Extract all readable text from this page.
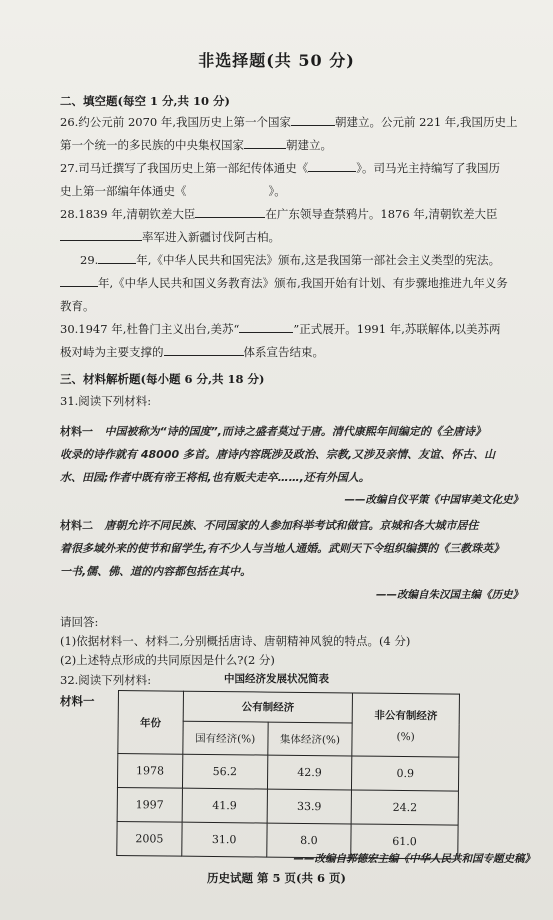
非选择题(共 50 分)
二、填空题(每空 1 分,共 10 分)

26.约公元前 2070 年,我国历史上第一个国家	朝建立。公元前 221 年,我国历史上
第一个统一的多民族的中央集权国家	朝建立。

27.司马迁撰写了我国历史上第一部纪传体通史《	》。司马光主持编写了我国历
史上第一部编年体通史《	》。

28.1839 年,清朝钦差大臣	在广东领导查禁鸦片。1876 年,清朝钦差大臣
率军进入新疆讨伐阿古柏。

29.	年,《中华人民共和国宪法》颁布,这是我国第一部社会主义类型的宪法。
年,《中华人民共和国义务教育法》颁布,我国开始有计划、有步骤地推进九年义务
教育。

30.1947 年,杜鲁门主义出台,美苏“	”正式展开。1991 年,苏联解体,以美苏两
极对峙为主要支撑的	体系宣告结束。

三、材料解析题(每小题 6 分,共 18 分)
31.阅读下列材料:

材料一 中国被称为“诗的国度”,而诗之盛者莫过于唐。清代康熙年间编定的《全唐诗》
收录的诗作就有 48000 多首。唐诗内容既涉及政治、宗教,又涉及亲情、友谊、怀古、山
水、田园;作者中既有帝王将相,也有贩夫走卒……,还有外国人。

——改编自仪平策《中国审美文化史》

材料二 唐朝允许不同民族、不同国家的人参加科举考试和做官。京城和各大城市居住
着很多域外来的使节和留学生,有不少人与当地人通婚。武则天下令组织编撰的《三教珠英》
一书,儒、佛、道的内容都包括在其中。

——改编自朱汉国主编《历史》
请回答:
(1)依据材料一、材料二,分别概括唐诗、唐朝精神风貌的特点。(4 分)
(2)上述特点形成的共同原因是什么?(2 分)
32.阅读下列材料:	中国经济发展状况简表
材料一
年份	公有制经济		非公有制经济
(%)

	国有经济(%)	集体经济(%)	
1978	56.2	42.9	0.9
1997	41.9	33.9	24.2
2005	31.0	8.0	61.0
——改编自郭德宏主编《中华人民共和国专题史稿》
历史试题 第 5 页(共 6 页)
